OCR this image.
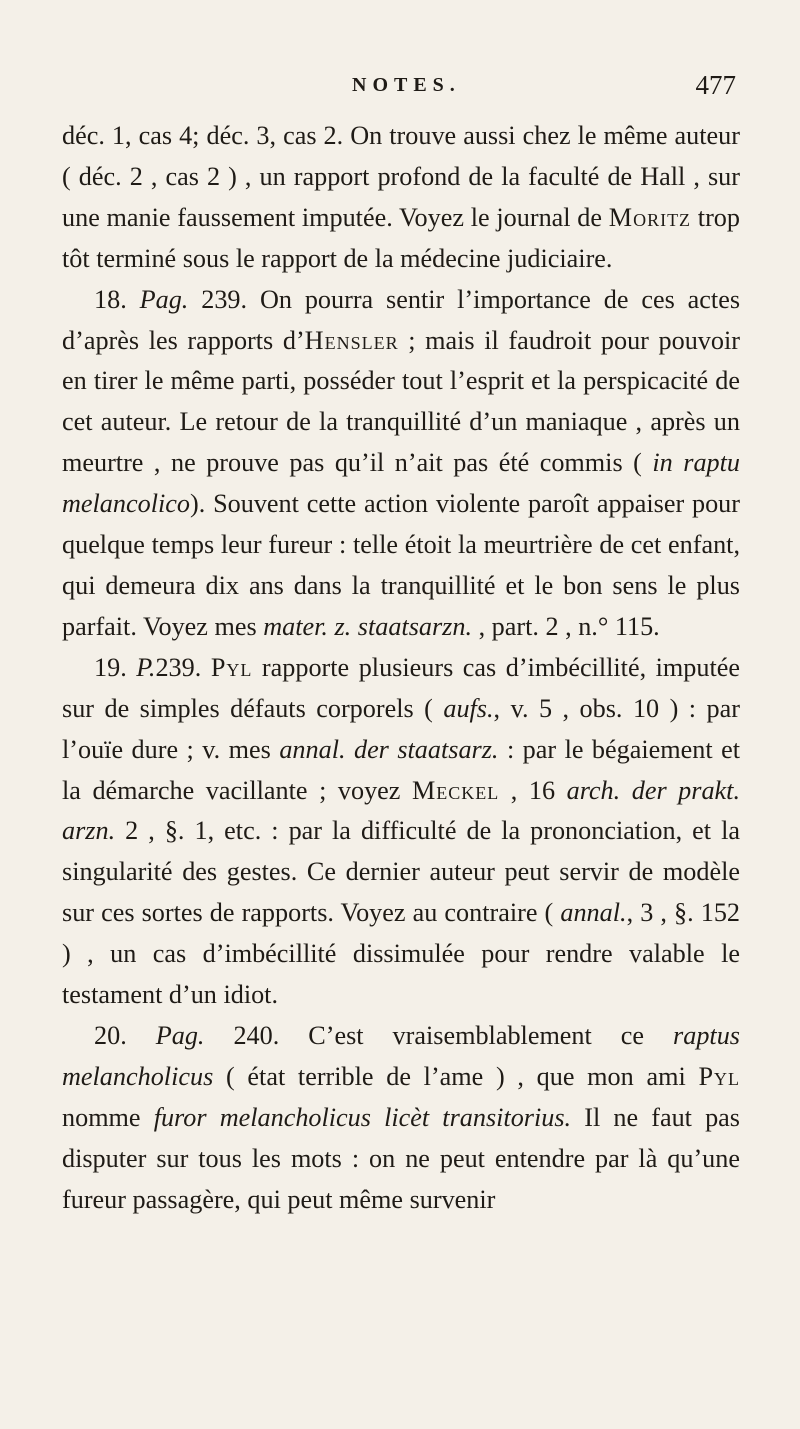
NOTES.	477

déc. 1, cas 4; déc. 3, cas 2. On trouve aussi chez le même auteur ( déc. 2 , cas 2 ) , un rapport profond de la faculté de Hall , sur une manie faussement imputée. Voyez le journal de Moritz trop tôt terminé sous le rapport de la médecine judiciaire.

18. Pag. 239. On pourra sentir l’importance de ces actes d’après les rapports d’Hensler ; mais il faudroit pour pouvoir en tirer le même parti, posséder tout l’esprit et la perspicacité de cet auteur. Le retour de la tranquillité d’un maniaque , après un meurtre , ne prouve pas qu’il n’ait pas été commis ( in raptu melancolico). Souvent cette action violente paroît appaiser pour quelque temps leur fureur : telle étoit la meurtrière de cet enfant, qui demeura dix ans dans la tranquillité et le bon sens le plus parfait. Voyez mes mater. z. staatsarzn. , part. 2 , n.° 115.

19. P.239. Pyl rapporte plusieurs cas d’imbécillité, imputée sur de simples défauts corporels ( aufs., v. 5 , obs. 10 ) : par l’ouïe dure ; v. mes annal. der staatsarz. : par le bégaiement et la démarche vacillante ; voyez Meckel , 16 arch. der prakt. arzn. 2 , §. 1, etc. : par la difficulté de la prononciation, et la singularité des gestes. Ce dernier auteur peut servir de modèle sur ces sortes de rapports. Voyez au contraire ( annal., 3 , §. 152 ) , un cas d’imbécillité dissimulée pour rendre valable le testament d’un idiot.

20. Pag. 240. C’est vraisemblablement ce raptus melancholicus ( état terrible de l’ame ) , que mon ami Pyl nomme furor melancholicus licèt transitorius. Il ne faut pas disputer sur tous les mots : on ne peut entendre par là qu’une fureur passagère, qui peut même survenir
